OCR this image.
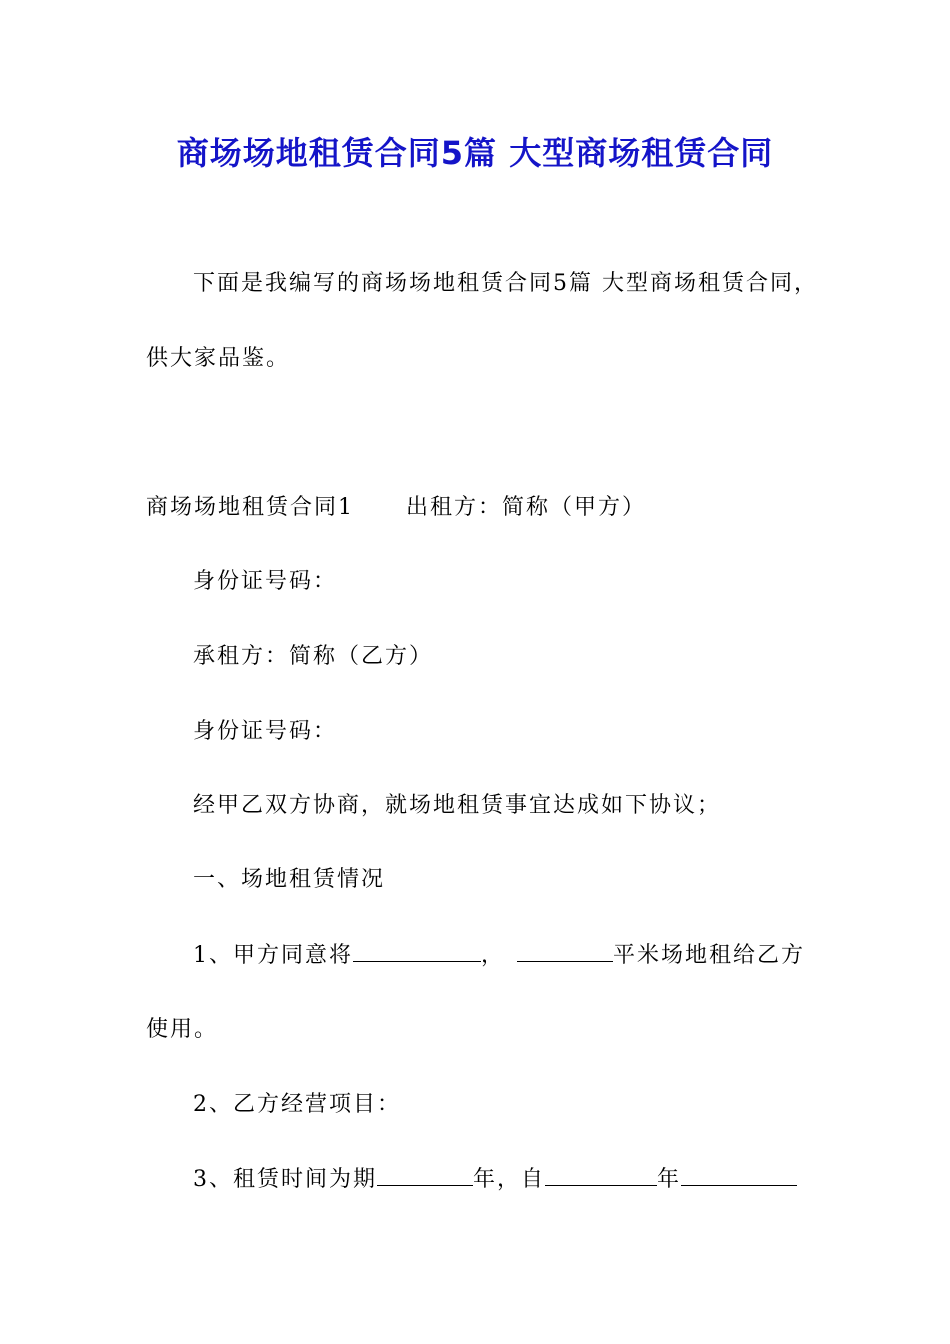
商场场地租赁合同5篇 大型商场租赁合同
下面是我编写的商场场地租赁合同5篇 大型商场租赁合同，
供大家品鉴。
商场场地租赁合同1 出租方：简称（甲方）
身份证号码：
承租方：简称（乙方）
身份证号码：
经甲乙双方协商，就场地租赁事宜达成如下协议；
一、场地租赁情况
1、甲方同意将	，	平米场地租给乙方
使用。
2、乙方经营项目：
3、租赁时间为期	年，自	年
